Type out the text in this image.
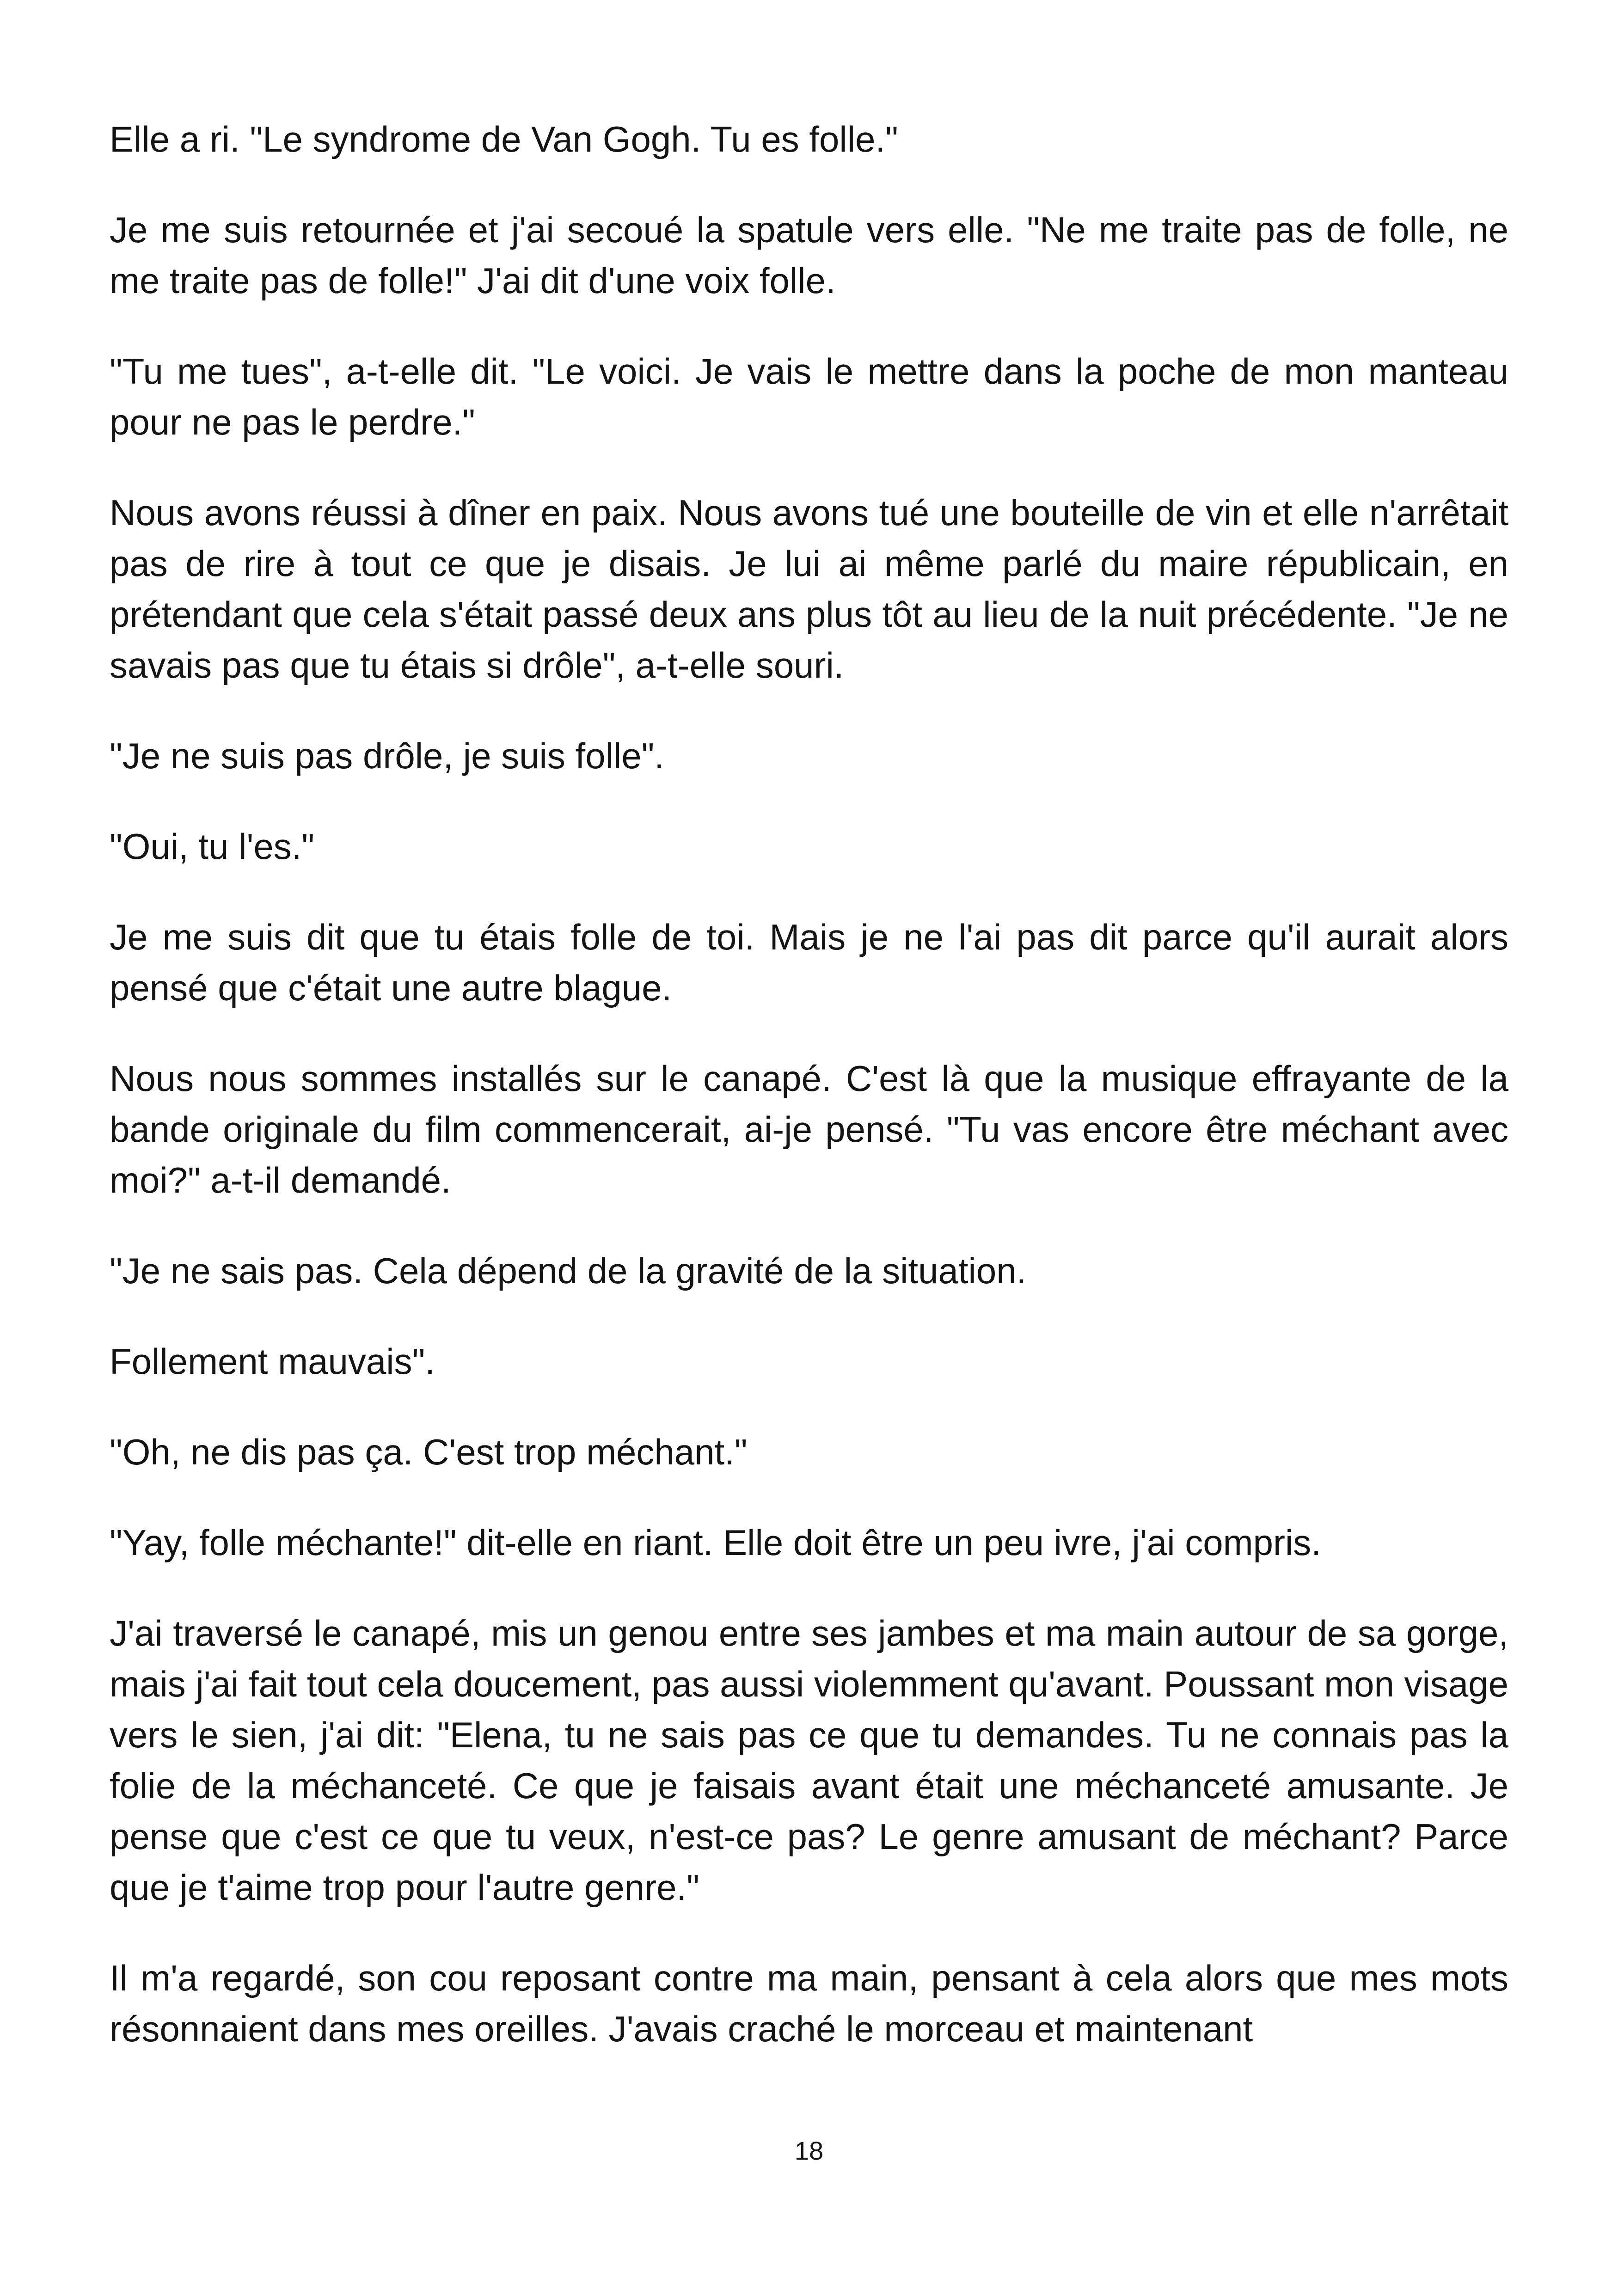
Elle a ri. "Le syndrome de Van Gogh. Tu es folle."

Je me suis retournée et j'ai secoué la spatule vers elle. "Ne me traite pas de folle, ne me traite pas de folle!" J'ai dit d'une voix folle.

"Tu me tues", a-t-elle dit. "Le voici. Je vais le mettre dans la poche de mon manteau pour ne pas le perdre."

Nous avons réussi à dîner en paix. Nous avons tué une bouteille de vin et elle n'arrêtait pas de rire à tout ce que je disais. Je lui ai même parlé du maire républicain, en prétendant que cela s'était passé deux ans plus tôt au lieu de la nuit précédente. "Je ne savais pas que tu étais si drôle", a-t-elle souri.

"Je ne suis pas drôle, je suis folle".

"Oui, tu l'es."

Je me suis dit que tu étais folle de toi. Mais je ne l'ai pas dit parce qu'il aurait alors pensé que c'était une autre blague.

Nous nous sommes installés sur le canapé. C'est là que la musique effrayante de la bande originale du film commencerait, ai-je pensé. "Tu vas encore être méchant avec moi?" a-t-il demandé.

"Je ne sais pas. Cela dépend de la gravité de la situation.

Follement mauvais".

"Oh, ne dis pas ça. C'est trop méchant."

"Yay, folle méchante!" dit-elle en riant. Elle doit être un peu ivre, j'ai compris.

J'ai traversé le canapé, mis un genou entre ses jambes et ma main autour de sa gorge, mais j'ai fait tout cela doucement, pas aussi violemment qu'avant. Poussant mon visage vers le sien, j'ai dit: "Elena, tu ne sais pas ce que tu demandes. Tu ne connais pas la folie de la méchanceté. Ce que je faisais avant était une méchanceté amusante. Je pense que c'est ce que tu veux, n'est-ce pas? Le genre amusant de méchant? Parce que je t'aime trop pour l'autre genre."

Il m'a regardé, son cou reposant contre ma main, pensant à cela alors que mes mots résonnaient dans mes oreilles. J'avais craché le morceau et maintenant

18
